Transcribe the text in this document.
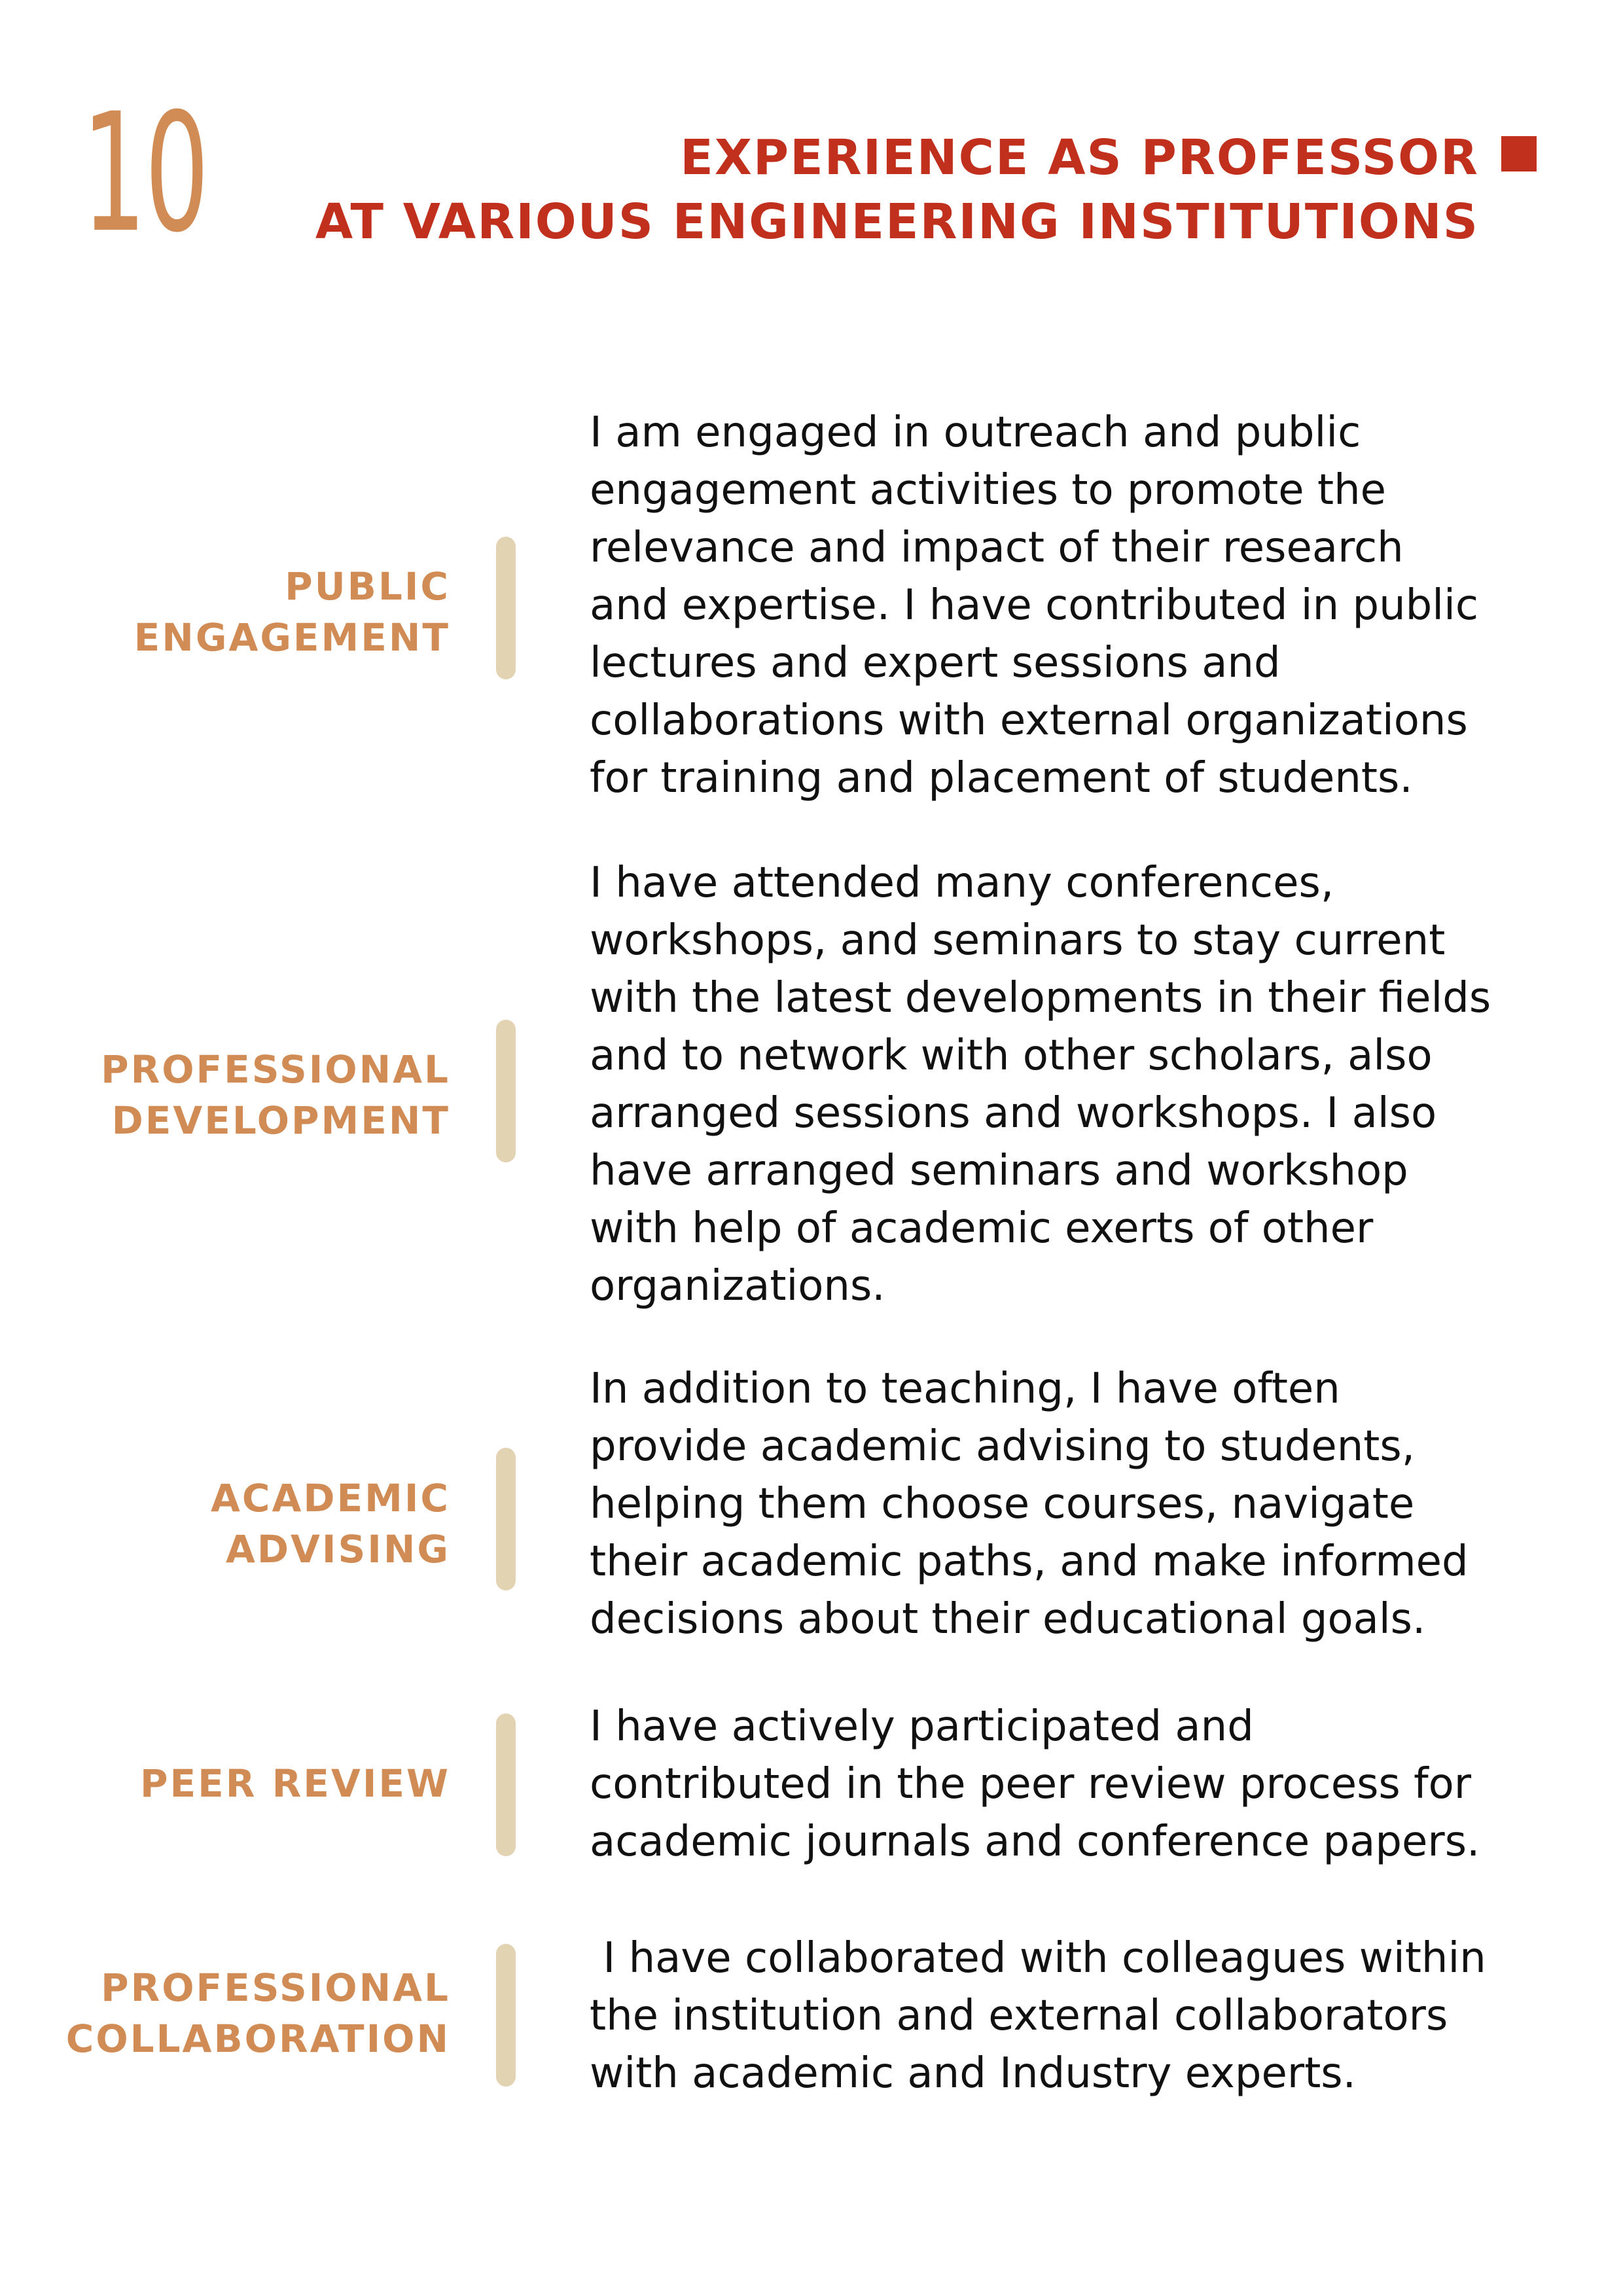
10	EXPERIENCE AS PROFESSOR
AT VARIOUS ENGINEERING INSTITUTIONS
PUBLIC
ENGAGEMENT
I am engaged in outreach and public
engagement activities to promote the
relevance and impact of their research
and expertise. I have contributed in public
lectures and expert sessions and
collaborations with external organizations
for training and placement of students.
PROFESSIONAL
DEVELOPMENT
I have attended many conferences,
workshops, and seminars to stay current
with the latest developments in their fields
and to network with other scholars, also
arranged sessions and workshops. I also
have arranged seminars and workshop
with help of academic exerts of other
organizations.
ACADEMIC
ADVISING
In addition to teaching, I have often
provide academic advising to students,
helping them choose courses, navigate
their academic paths, and make informed
decisions about their educational goals.
PEER REVIEW
I have actively participated and
contributed in the peer review process for
academic journals and conference papers.
PROFESSIONAL
COLLABORATION
I have collaborated with colleagues within
the institution and external collaborators
with academic and Industry experts.
